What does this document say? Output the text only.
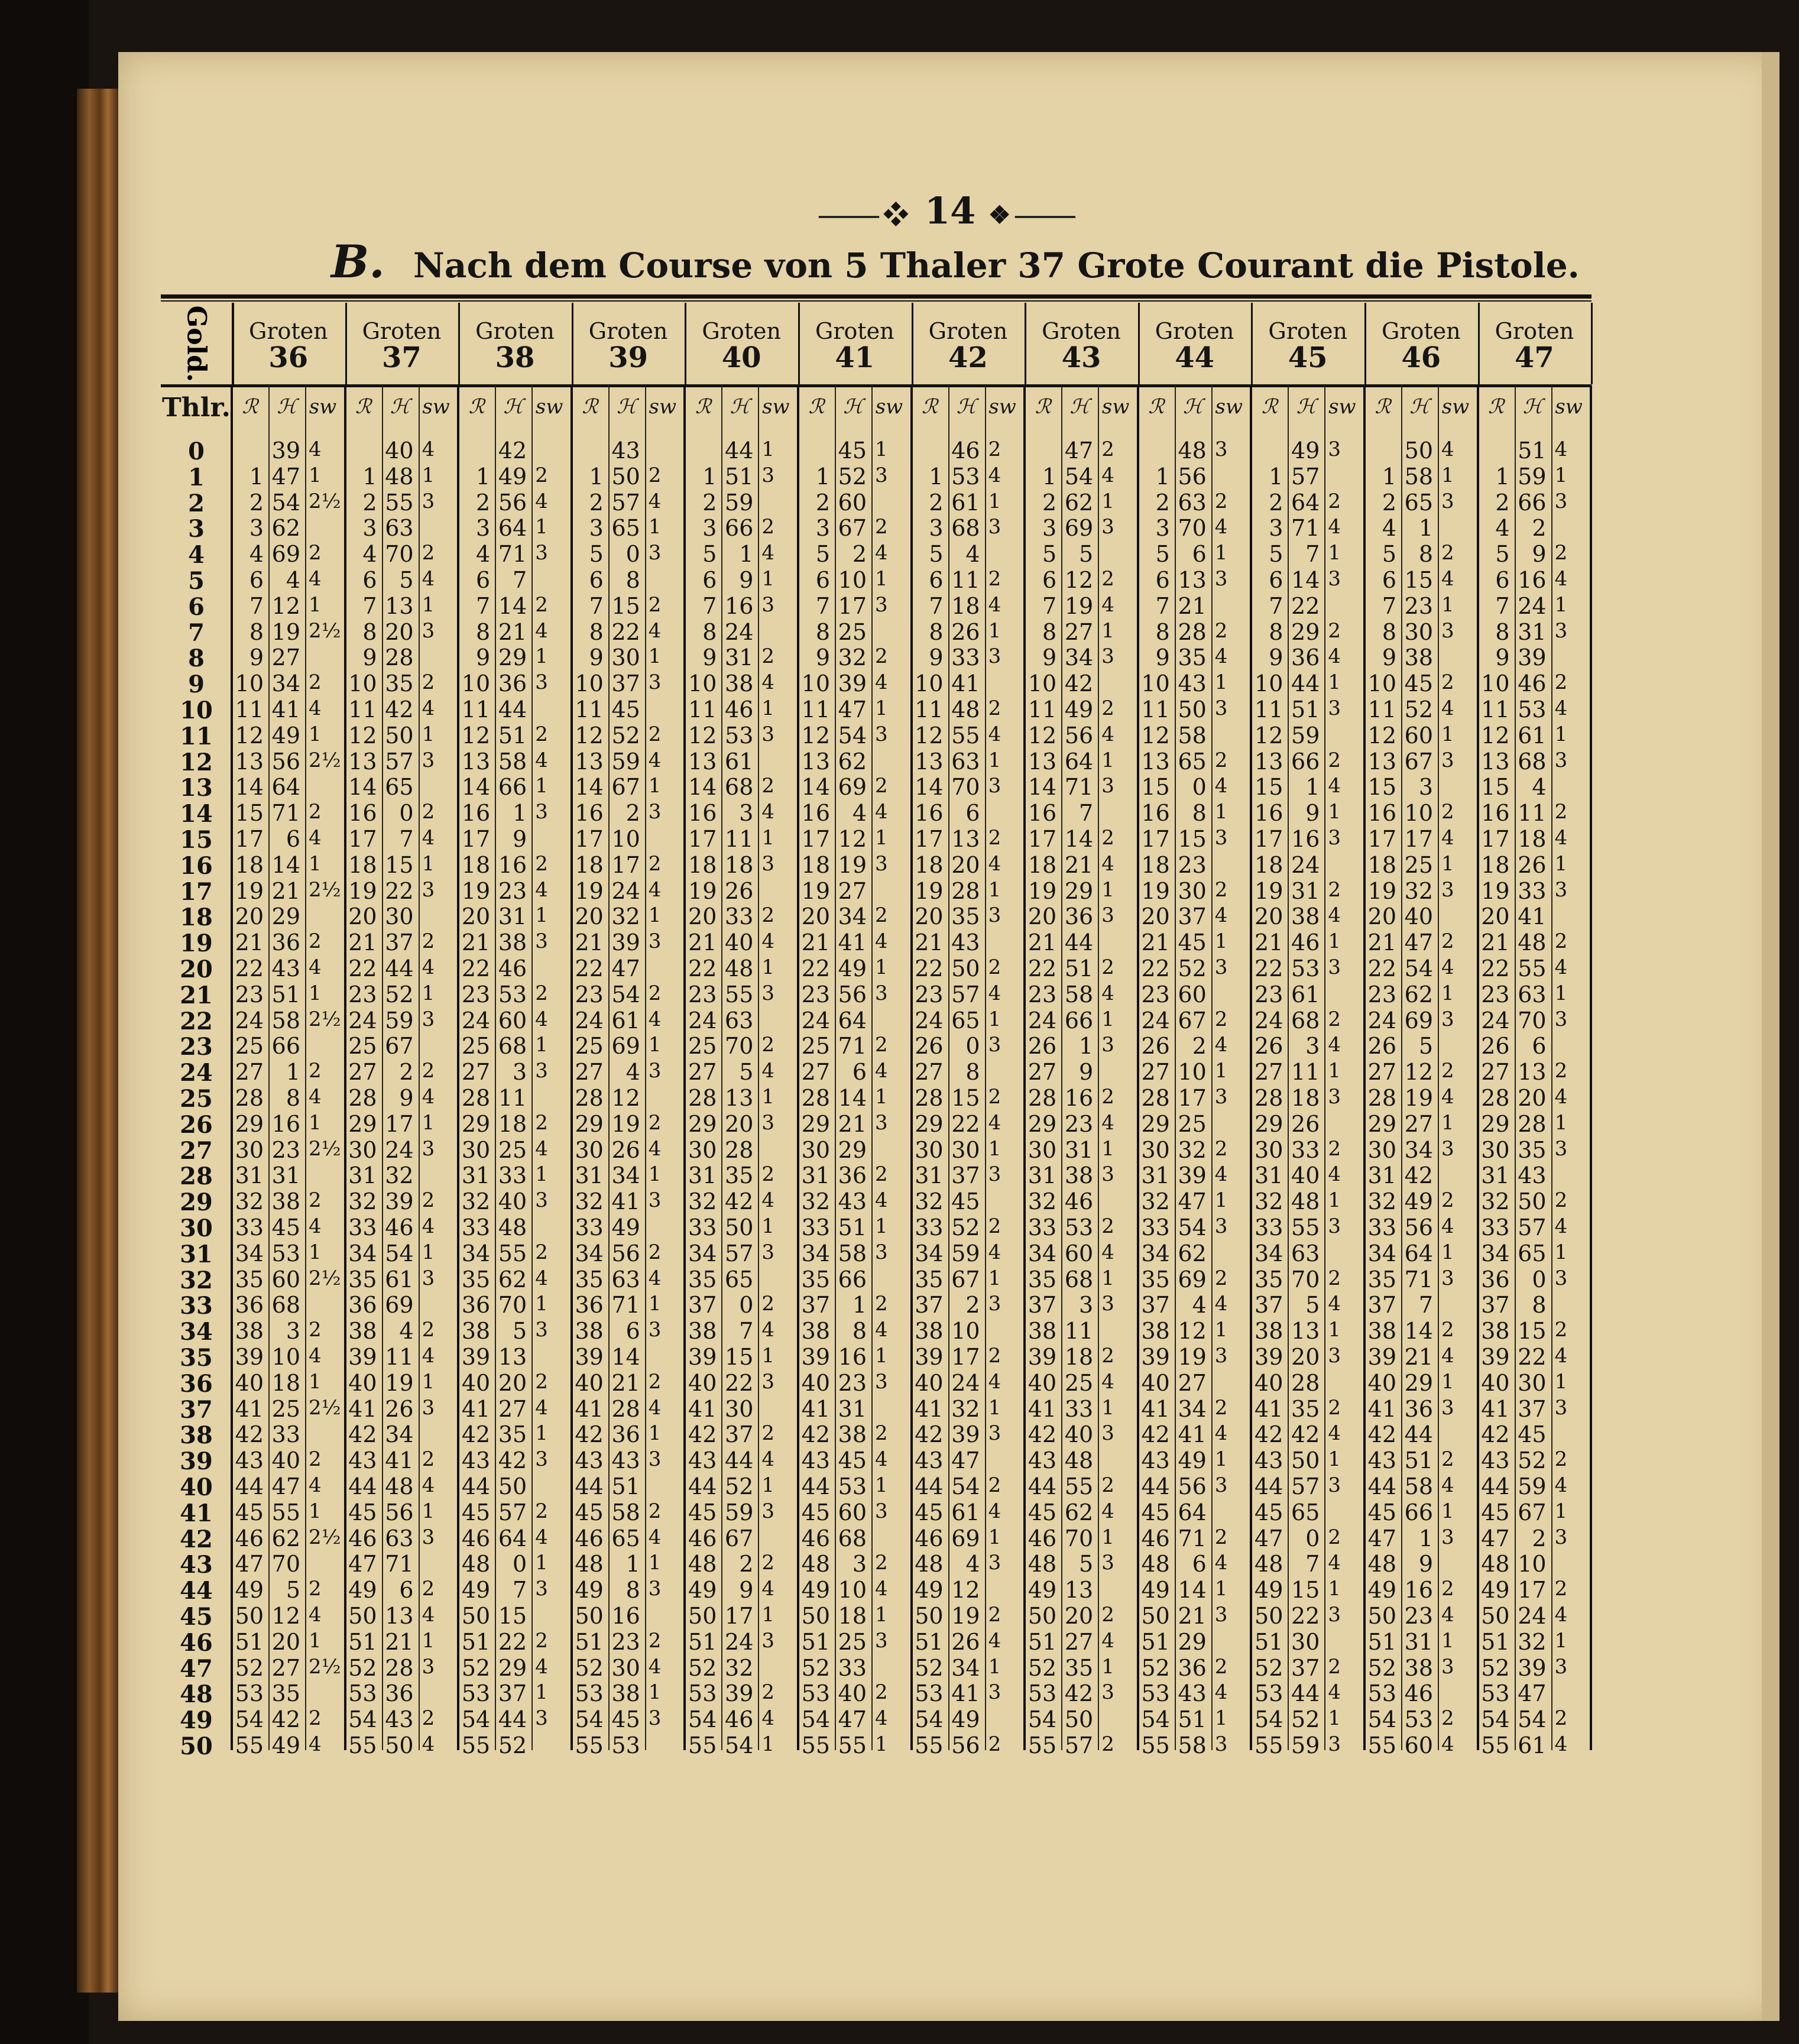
⸻❖ 14 ❖⸻
B. Nach dem Course von 5 Thaler 37 Grote Courant die Pistole.
Gold.	Groten
36
Groten
37
Groten
38
Groten
39
Groten
40
Groten
41
Groten
42
Groten
43
Groten
44
Groten
45
Groten
46
Groten
47
Thlr. ℛ ℋ sw
39 4
1 47 1
2 54 2½
3 62
4 69 2
6 4 4
7 12 1
8 19 2½
9 27
10 34 2
11 41 4
12 49 1
13 56 2½
14 64
15 71 2
17 6 4
18 14 1
19 21 2½
20 29
21 36 2
22 43 4
23 51 1
24 58 2½
25 66
27 1 2
28 8 4
29 16 1
30 23 2½
31 31
32 38 2
33 45 4
34 53 1
35 60 2½
36 68
38 3 2
39 10 4
40 18 1
41 25 2½
42 33
43 40 2
44 47 4
45 55 1
46 62 2½
47 70
49 5 2
50 12 4
51 20 1
52 27 2½
53 35
54 42 2
55 49 4
ℛ ℋ sw
40 4
1 48 1
2 55 3
3 63
4 70 2
6 5 4
7 13 1
8 20 3
9 28
10 35 2
11 42 4
12 50 1
13 57 3
14 65
16 0 2
17 7 4
18 15 1
19 22 3
20 30
21 37 2
22 44 4
23 52 1
24 59 3
25 67
27 2 2
28 9 4
29 17 1
30 24 3
31 32
32 39 2
33 46 4
34 54 1
35 61 3
36 69
38 4 2
39 11 4
40 19 1
41 26 3
42 34
43 41 2
44 48 4
45 56 1
46 63 3
47 71
49 6 2
50 13 4
51 21 1
52 28 3
53 36
54 43 2
55 50 4
ℛ ℋ sw
42
1 49 2
2 56 4
3 64 1
4 71 3
6 7
7 14 2
8 21 4
9 29 1
10 36 3
11 44
12 51 2
13 58 4
14 66 1
16 1 3
17 9
18 16 2
19 23 4
20 31 1
21 38 3
22 46
23 53 2
24 60 4
25 68 1
27 3 3
28 11
29 18 2
30 25 4
31 33 1
32 40 3
33 48
34 55 2
35 62 4
36 70 1
38 5 3
39 13
40 20 2
41 27 4
42 35 1
43 42 3
44 50
45 57 2
46 64 4
48 0 1
49 7 3
50 15
51 22 2
52 29 4
53 37 1
54 44 3
55 52
ℛ ℋ sw
43
1 50 2
2 57 4
3 65 1
5 0 3
6 8
7 15 2
8 22 4
9 30 1
10 37 3
11 45
12 52 2
13 59 4
14 67 1
16 2 3
17 10
18 17 2
19 24 4
20 32 1
21 39 3
22 47
23 54 2
24 61 4
25 69 1
27 4 3
28 12
29 19 2
30 26 4
31 34 1
32 41 3
33 49
34 56 2
35 63 4
36 71 1
38 6 3
39 14
40 21 2
41 28 4
42 36 1
43 43 3
44 51
45 58 2
46 65 4
48 1 1
49 8 3
50 16
51 23 2
52 30 4
53 38 1
54 45 3
55 53
ℛ ℋ sw
44 1
1 51 3
2 59
3 66 2
5 1 4
6 9 1
7 16 3
8 24
9 31 2
10 38 4
11 46 1
12 53 3
13 61
14 68 2
16 3 4
17 11 1
18 18 3
19 26
20 33 2
21 40 4
22 48 1
23 55 3
24 63
25 70 2
27 5 4
28 13 1
29 20 3
30 28
31 35 2
32 42 4
33 50 1
34 57 3
35 65
37 0 2
38 7 4
39 15 1
40 22 3
41 30
42 37 2
43 44 4
44 52 1
45 59 3
46 67
48 2 2
49 9 4
50 17 1
51 24 3
52 32
53 39 2
54 46 4
55 54 1
ℛ ℋ sw
45 1
1 52 3
2 60
3 67 2
5 2 4
6 10 1
7 17 3
8 25
9 32 2
10 39 4
11 47 1
12 54 3
13 62
14 69 2
16 4 4
17 12 1
18 19 3
19 27
20 34 2
21 41 4
22 49 1
23 56 3
24 64
25 71 2
27 6 4
28 14 1
29 21 3
30 29
31 36 2
32 43 4
33 51 1
34 58 3
35 66
37 1 2
38 8 4
39 16 1
40 23 3
41 31
42 38 2
43 45 4
44 53 1
45 60 3
46 68
48 3 2
49 10 4
50 18 1
51 25 3
52 33
53 40 2
54 47 4
55 55 1
ℛ ℋ sw
46 2
1 53 4
2 61 1
3 68 3
5 4
6 11 2
7 18 4
8 26 1
9 33 3
10 41
11 48 2
12 55 4
13 63 1
14 70 3
16 6
17 13 2
18 20 4
19 28 1
20 35 3
21 43
22 50 2
23 57 4
24 65 1
26 0 3
27 8
28 15 2
29 22 4
30 30 1
31 37 3
32 45
33 52 2
34 59 4
35 67 1
37 2 3
38 10
39 17 2
40 24 4
41 32 1
42 39 3
43 47
44 54 2
45 61 4
46 69 1
48 4 3
49 12
50 19 2
51 26 4
52 34 1
53 41 3
54 49
55 56 2
ℛ ℋ sw
47 2
1 54 4
2 62 1
3 69 3
5 5
6 12 2
7 19 4
8 27 1
9 34 3
10 42
11 49 2
12 56 4
13 64 1
14 71 3
16 7
17 14 2
18 21 4
19 29 1
20 36 3
21 44
22 51 2
23 58 4
24 66 1
26 1 3
27 9
28 16 2
29 23 4
30 31 1
31 38 3
32 46
33 53 2
34 60 4
35 68 1
37 3 3
38 11
39 18 2
40 25 4
41 33 1
42 40 3
43 48
44 55 2
45 62 4
46 70 1
48 5 3
49 13
50 20 2
51 27 4
52 35 1
53 42 3
54 50
55 57 2
ℛ ℋ sw
48 3
1 56
2 63 2
3 70 4
5 6 1
6 13 3
7 21
8 28 2
9 35 4
10 43 1
11 50 3
12 58
13 65 2
15 0 4
16 8 1
17 15 3
18 23
19 30 2
20 37 4
21 45 1
22 52 3
23 60
24 67 2
26 2 4
27 10 1
28 17 3
29 25
30 32 2
31 39 4
32 47 1
33 54 3
34 62
35 69 2
37 4 4
38 12 1
39 19 3
40 27
41 34 2
42 41 4
43 49 1
44 56 3
45 64
46 71 2
48 6 4
49 14 1
50 21 3
51 29
52 36 2
53 43 4
54 51 1
55 58 3
ℛ ℋ sw
49 3
1 57
2 64 2
3 71 4
5 7 1
6 14 3
7 22
8 29 2
9 36 4
10 44 1
11 51 3
12 59
13 66 2
15 1 4
16 9 1
17 16 3
18 24
19 31 2
20 38 4
21 46 1
22 53 3
23 61
24 68 2
26 3 4
27 11 1
28 18 3
29 26
30 33 2
31 40 4
32 48 1
33 55 3
34 63
35 70 2
37 5 4
38 13 1
39 20 3
40 28
41 35 2
42 42 4
43 50 1
44 57 3
45 65
47 0 2
48 7 4
49 15 1
50 22 3
51 30
52 37 2
53 44 4
54 52 1
55 59 3
ℛ ℋ sw
50 4
1 58 1
2 65 3
4 1
5 8 2
6 15 4
7 23 1
8 30 3
9 38
10 45 2
11 52 4
12 60 1
13 67 3
15 3
16 10 2
17 17 4
18 25 1
19 32 3
20 40
21 47 2
22 54 4
23 62 1
24 69 3
26 5
27 12 2
28 19 4
29 27 1
30 34 3
31 42
32 49 2
33 56 4
34 64 1
35 71 3
37 7
38 14 2
39 21 4
40 29 1
41 36 3
42 44
43 51 2
44 58 4
45 66 1
47 1 3
48 9
49 16 2
50 23 4
51 31 1
52 38 3
53 46
54 53 2
55 60 4
ℛ ℋ sw
51 4
1 59 1
2 66 3
4 2
5 9 2
6 16 4
7 24 1
8 31 3
9 39
10 46 2
11 53 4
12 61 1
13 68 3
15 4
16 11 2
17 18 4
18 26 1
19 33 3
20 41
21 48 2
22 55 4
23 63 1
24 70 3
26 6
27 13 2
28 20 4
29 28 1
30 35 3
31 43
32 50 2
33 57 4
34 65 1
36 0 3
37 8
38 15 2
39 22 4
40 30 1
41 37 3
42 45
43 52 2
44 59 4
45 67 1
47 2 3
48 10
49 17 2
50 24 4
51 32 1
52 39 3
53 47
54 54 2
55 61 4
0
1
2
3
4
5
6
7
8
9
10
11
12
13
14
15
16
17
18
19
20
21
22
23
24
25
26
27
28
29
30
31
32
33
34
35
36
37
38
39
40
41
42
43
44
45
46
47
48
49
50
